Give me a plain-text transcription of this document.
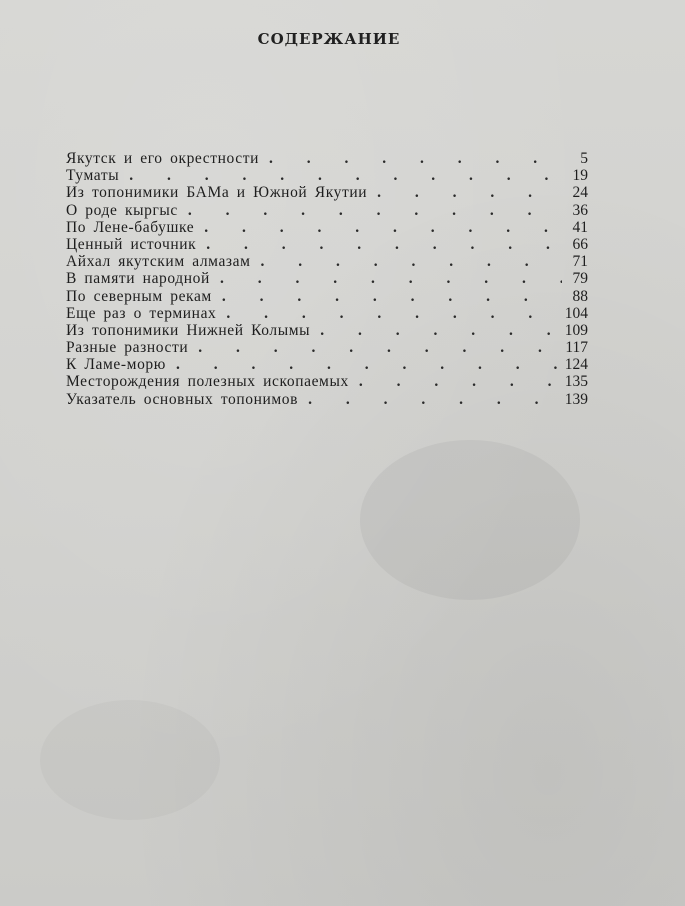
СОДЕРЖАНИЕ
Якутск и его окрестности . . .	5
Туматы . . .	19
Из топонимики БАМа и Южной Якутии . . .	24
О роде кыргыс . . .	36
По Лене-бабушке . . .	41
Ценный источник . . .	66
Айхал якутским алмазам . . .	71
В памяти народной . . .	79
По северным рекам . . .	88
Еще раз о терминах . . .	104
Из топонимики Нижней Колымы . . .	109
Разные разности . . .	117
К Ламе-морю . . .	124
Месторождения полезных ископаемых . . .	135
Указатель основных топонимов . . .	139
